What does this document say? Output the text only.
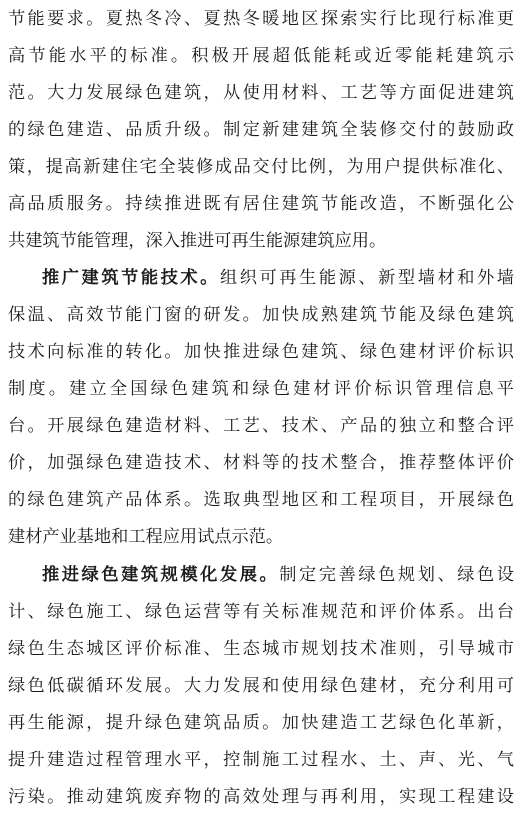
节能要求。夏热冬冷、夏热冬暖地区探索实行比现行标准更
高节能水平的标准。积极开展超低能耗或近零能耗建筑示
范。大力发展绿色建筑，从使用材料、工艺等方面促进建筑
的绿色建造、品质升级。制定新建建筑全装修交付的鼓励政
策，提高新建住宅全装修成品交付比例，为用户提供标准化、
高品质服务。持续推进既有居住建筑节能改造，不断强化公
共建筑节能管理，深入推进可再生能源建筑应用。
推广建筑节能技术。组织可再生能源、新型墙材和外墙
保温、高效节能门窗的研发。加快成熟建筑节能及绿色建筑
技术向标准的转化。加快推进绿色建筑、绿色建材评价标识
制度。建立全国绿色建筑和绿色建材评价标识管理信息平
台。开展绿色建造材料、工艺、技术、产品的独立和整合评
价，加强绿色建造技术、材料等的技术整合，推荐整体评价
的绿色建筑产品体系。选取典型地区和工程项目，开展绿色
建材产业基地和工程应用试点示范。
推进绿色建筑规模化发展。制定完善绿色规划、绿色设
计、绿色施工、绿色运营等有关标准规范和评价体系。出台
绿色生态城区评价标准、生态城市规划技术准则，引导城市
绿色低碳循环发展。大力发展和使用绿色建材，充分利用可
再生能源，提升绿色建筑品质。加快建造工艺绿色化革新，
提升建造过程管理水平，控制施工过程水、土、声、光、气
污染。推动建筑废弃物的高效处理与再利用，实现工程建设
